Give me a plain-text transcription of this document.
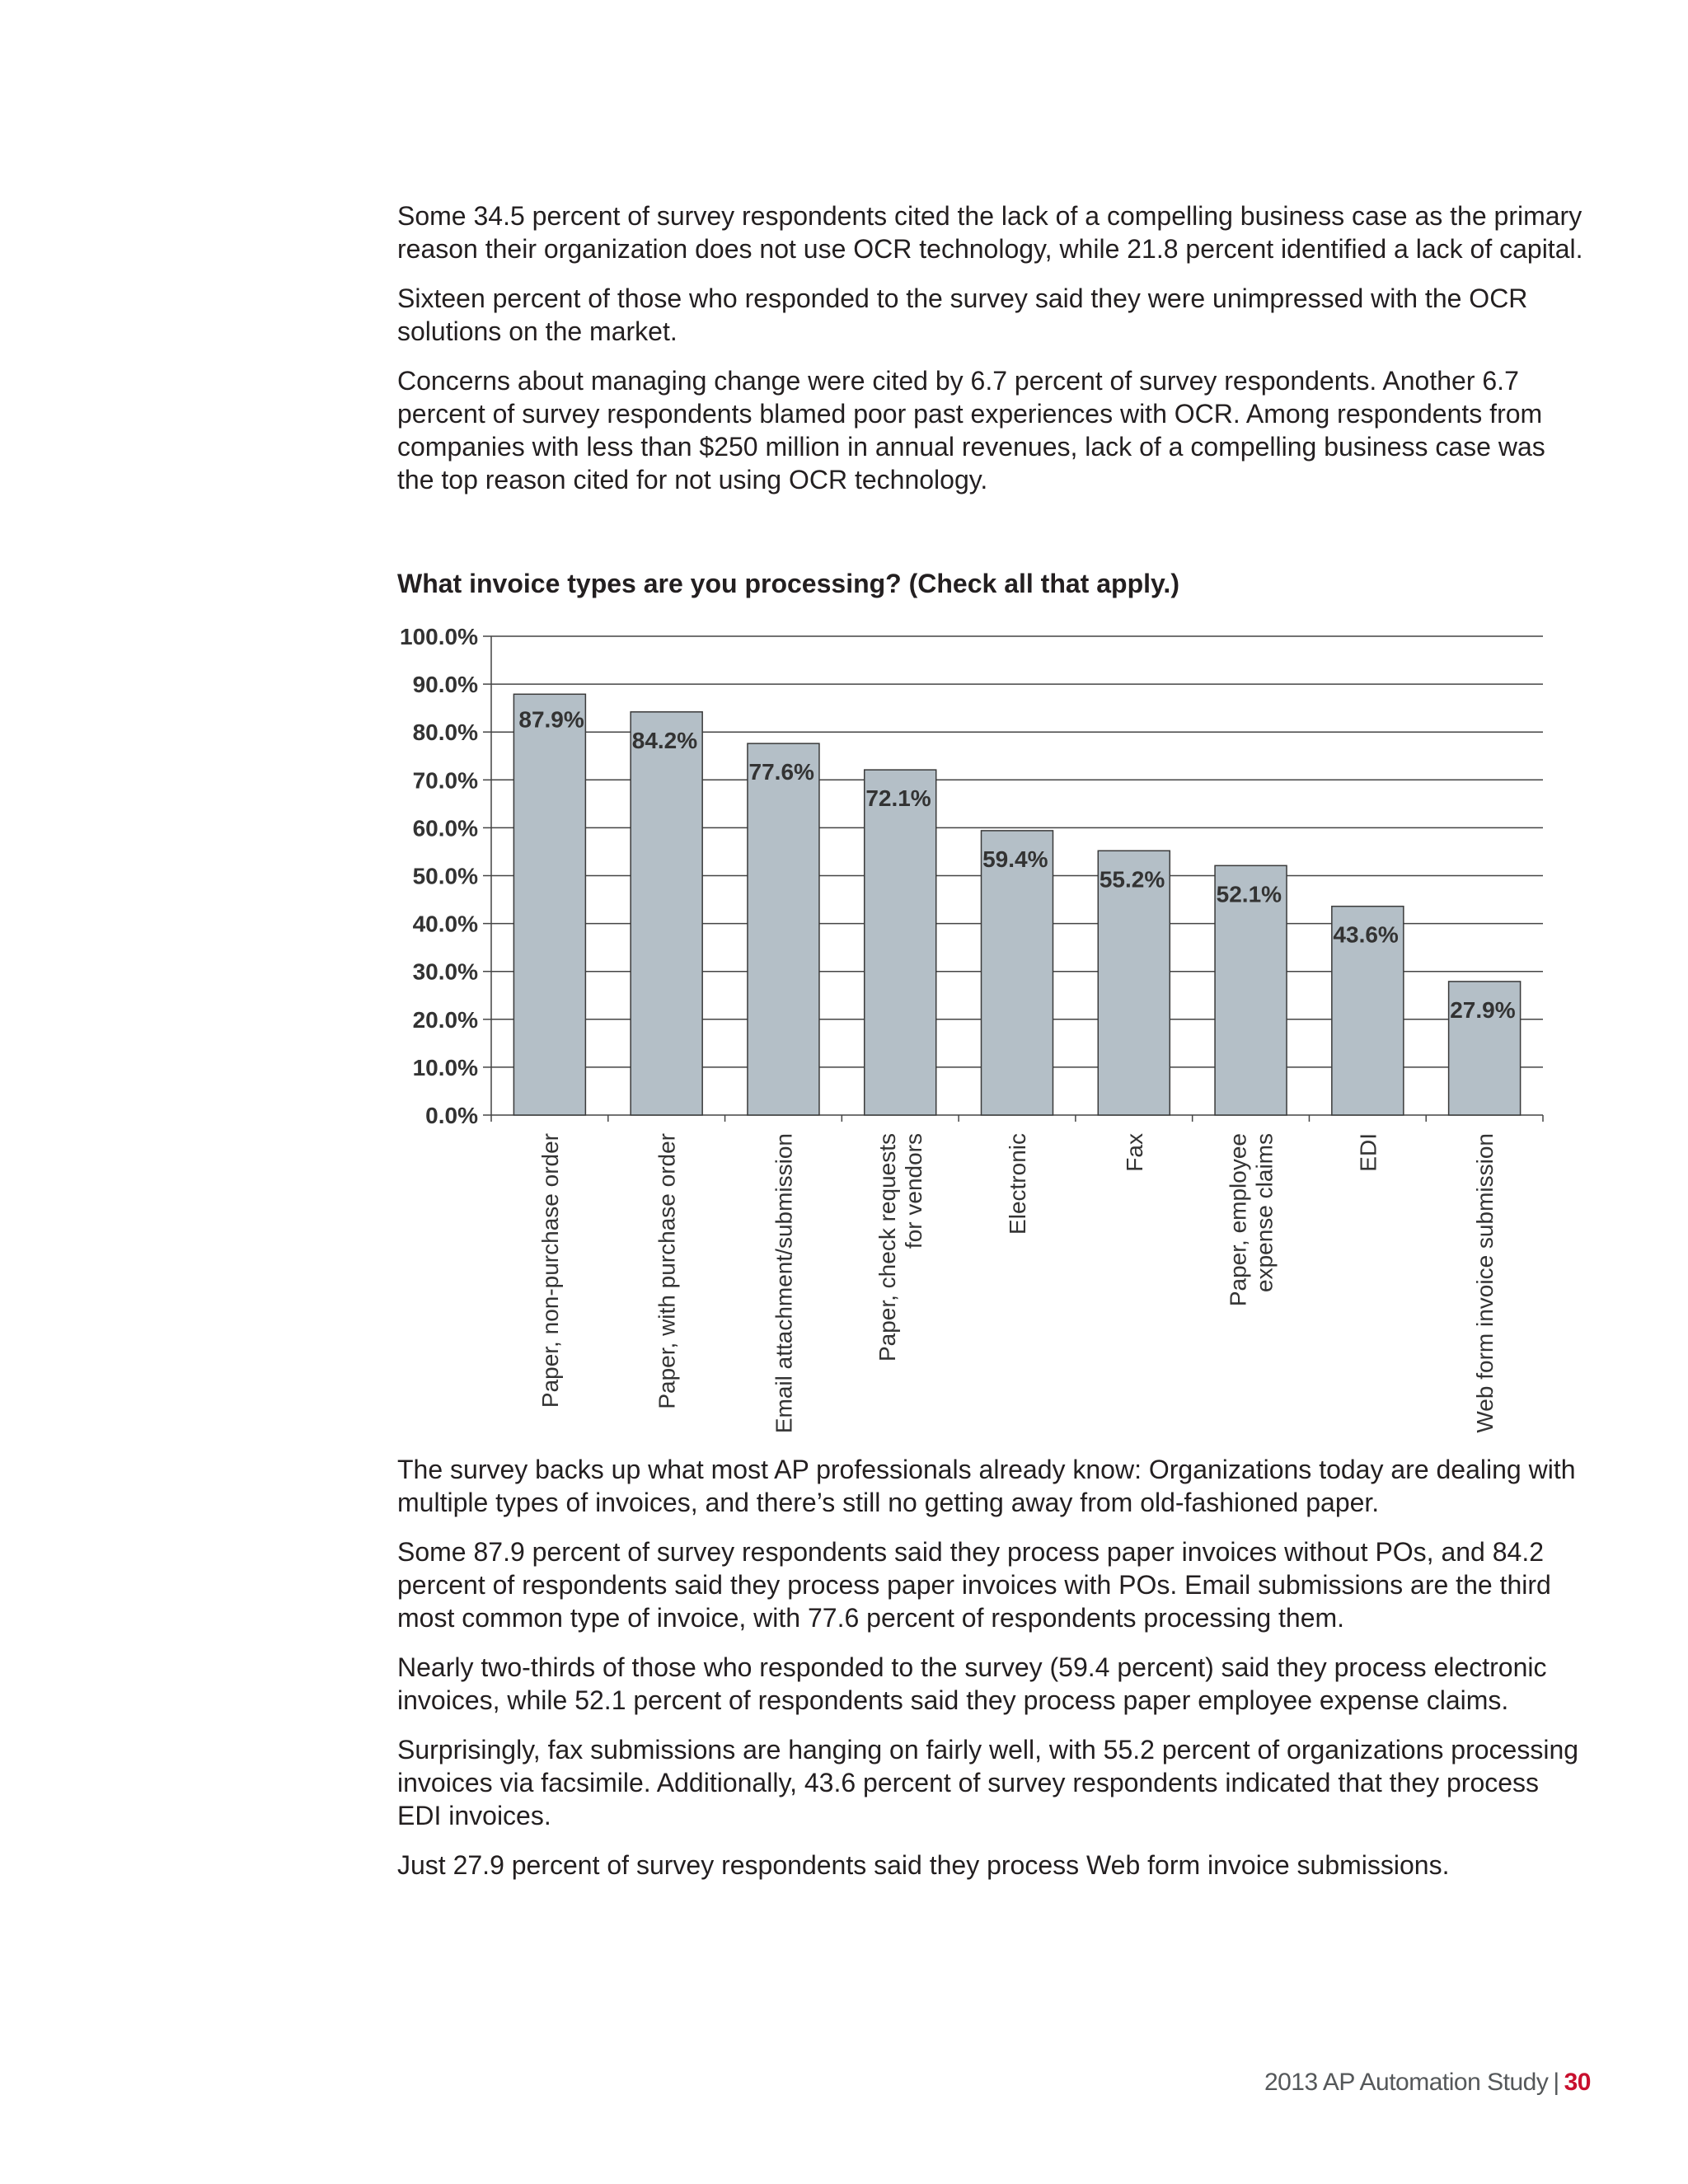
Some 34.5 percent of survey respondents cited the lack of a compelling business case as the primary reason their organization does not use OCR technology, while 21.8 percent identified a lack of capital.

Sixteen percent of those who responded to the survey said they were unimpressed with the OCR solutions on the market.

Concerns about managing change were cited by 6.7 percent of survey respondents. Another 6.7 percent of survey respondents blamed poor past experiences with OCR. Among respondents from companies with less than $250 million in annual revenues, lack of a compelling business case was the top reason cited for not using OCR technology.

What invoice types are you processing? (Check all that apply.)
0.0%
10.0%
20.0%
30.0%
40.0%
50.0%
60.0%
70.0%
80.0%
90.0%
100.0%
87.9%
Paper, non-purchase order
84.2%
Paper, with purchase order
77.6%
Email attachment/submission
72.1%
Paper, check requests for vendors
59.4%
Electronic
55.2%
Fax
52.1%
Paper, employee expense claims
43.6%
EDI
27.9%
Web form invoice submission

The survey backs up what most AP professionals already know: Organizations today are dealing with multiple types of invoices, and there’s still no getting away from old-fashioned paper.

Some 87.9 percent of survey respondents said they process paper invoices without POs, and 84.2 percent of respondents said they process paper invoices with POs. Email submissions are the third most common type of invoice, with 77.6 percent of respondents processing them.

Nearly two-thirds of those who responded to the survey (59.4 percent) said they process electronic invoices, while 52.1 percent of respondents said they process paper employee expense claims.

Surprisingly, fax submissions are hanging on fairly well, with 55.2 percent of organizations processing invoices via facsimile. Additionally, 43.6 percent of survey respondents indicated that they process EDI invoices.

Just 27.9 percent of survey respondents said they process Web form invoice submissions.

2013 AP Automation Study | 30
